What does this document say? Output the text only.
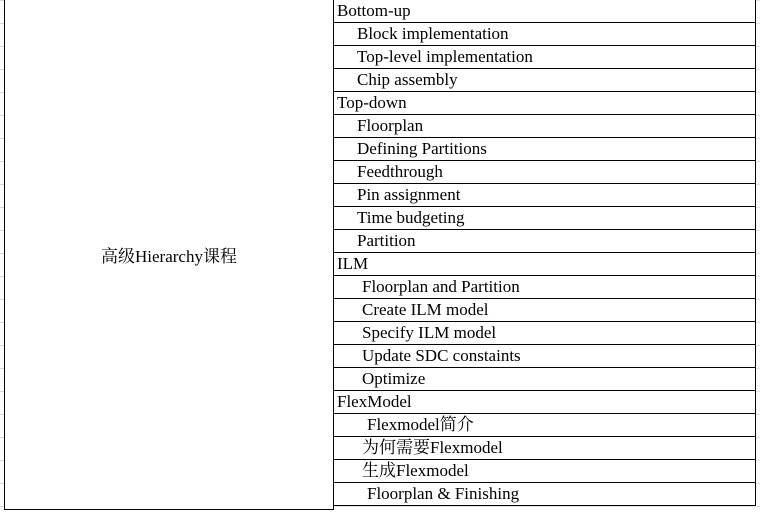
高级Hierarchy课程
Bottom-up
Block implementation
Top-level implementation
Chip assembly
Top-down
Floorplan
Defining Partitions
Feedthrough
Pin assignment
Time budgeting
Partition
ILM
Floorplan and Partition
Create ILM model
Specify ILM model
Update SDC constaints
Optimize
FlexModel
Flexmodel简介
为何需要Flexmodel
生成Flexmodel
Floorplan & Finishing
